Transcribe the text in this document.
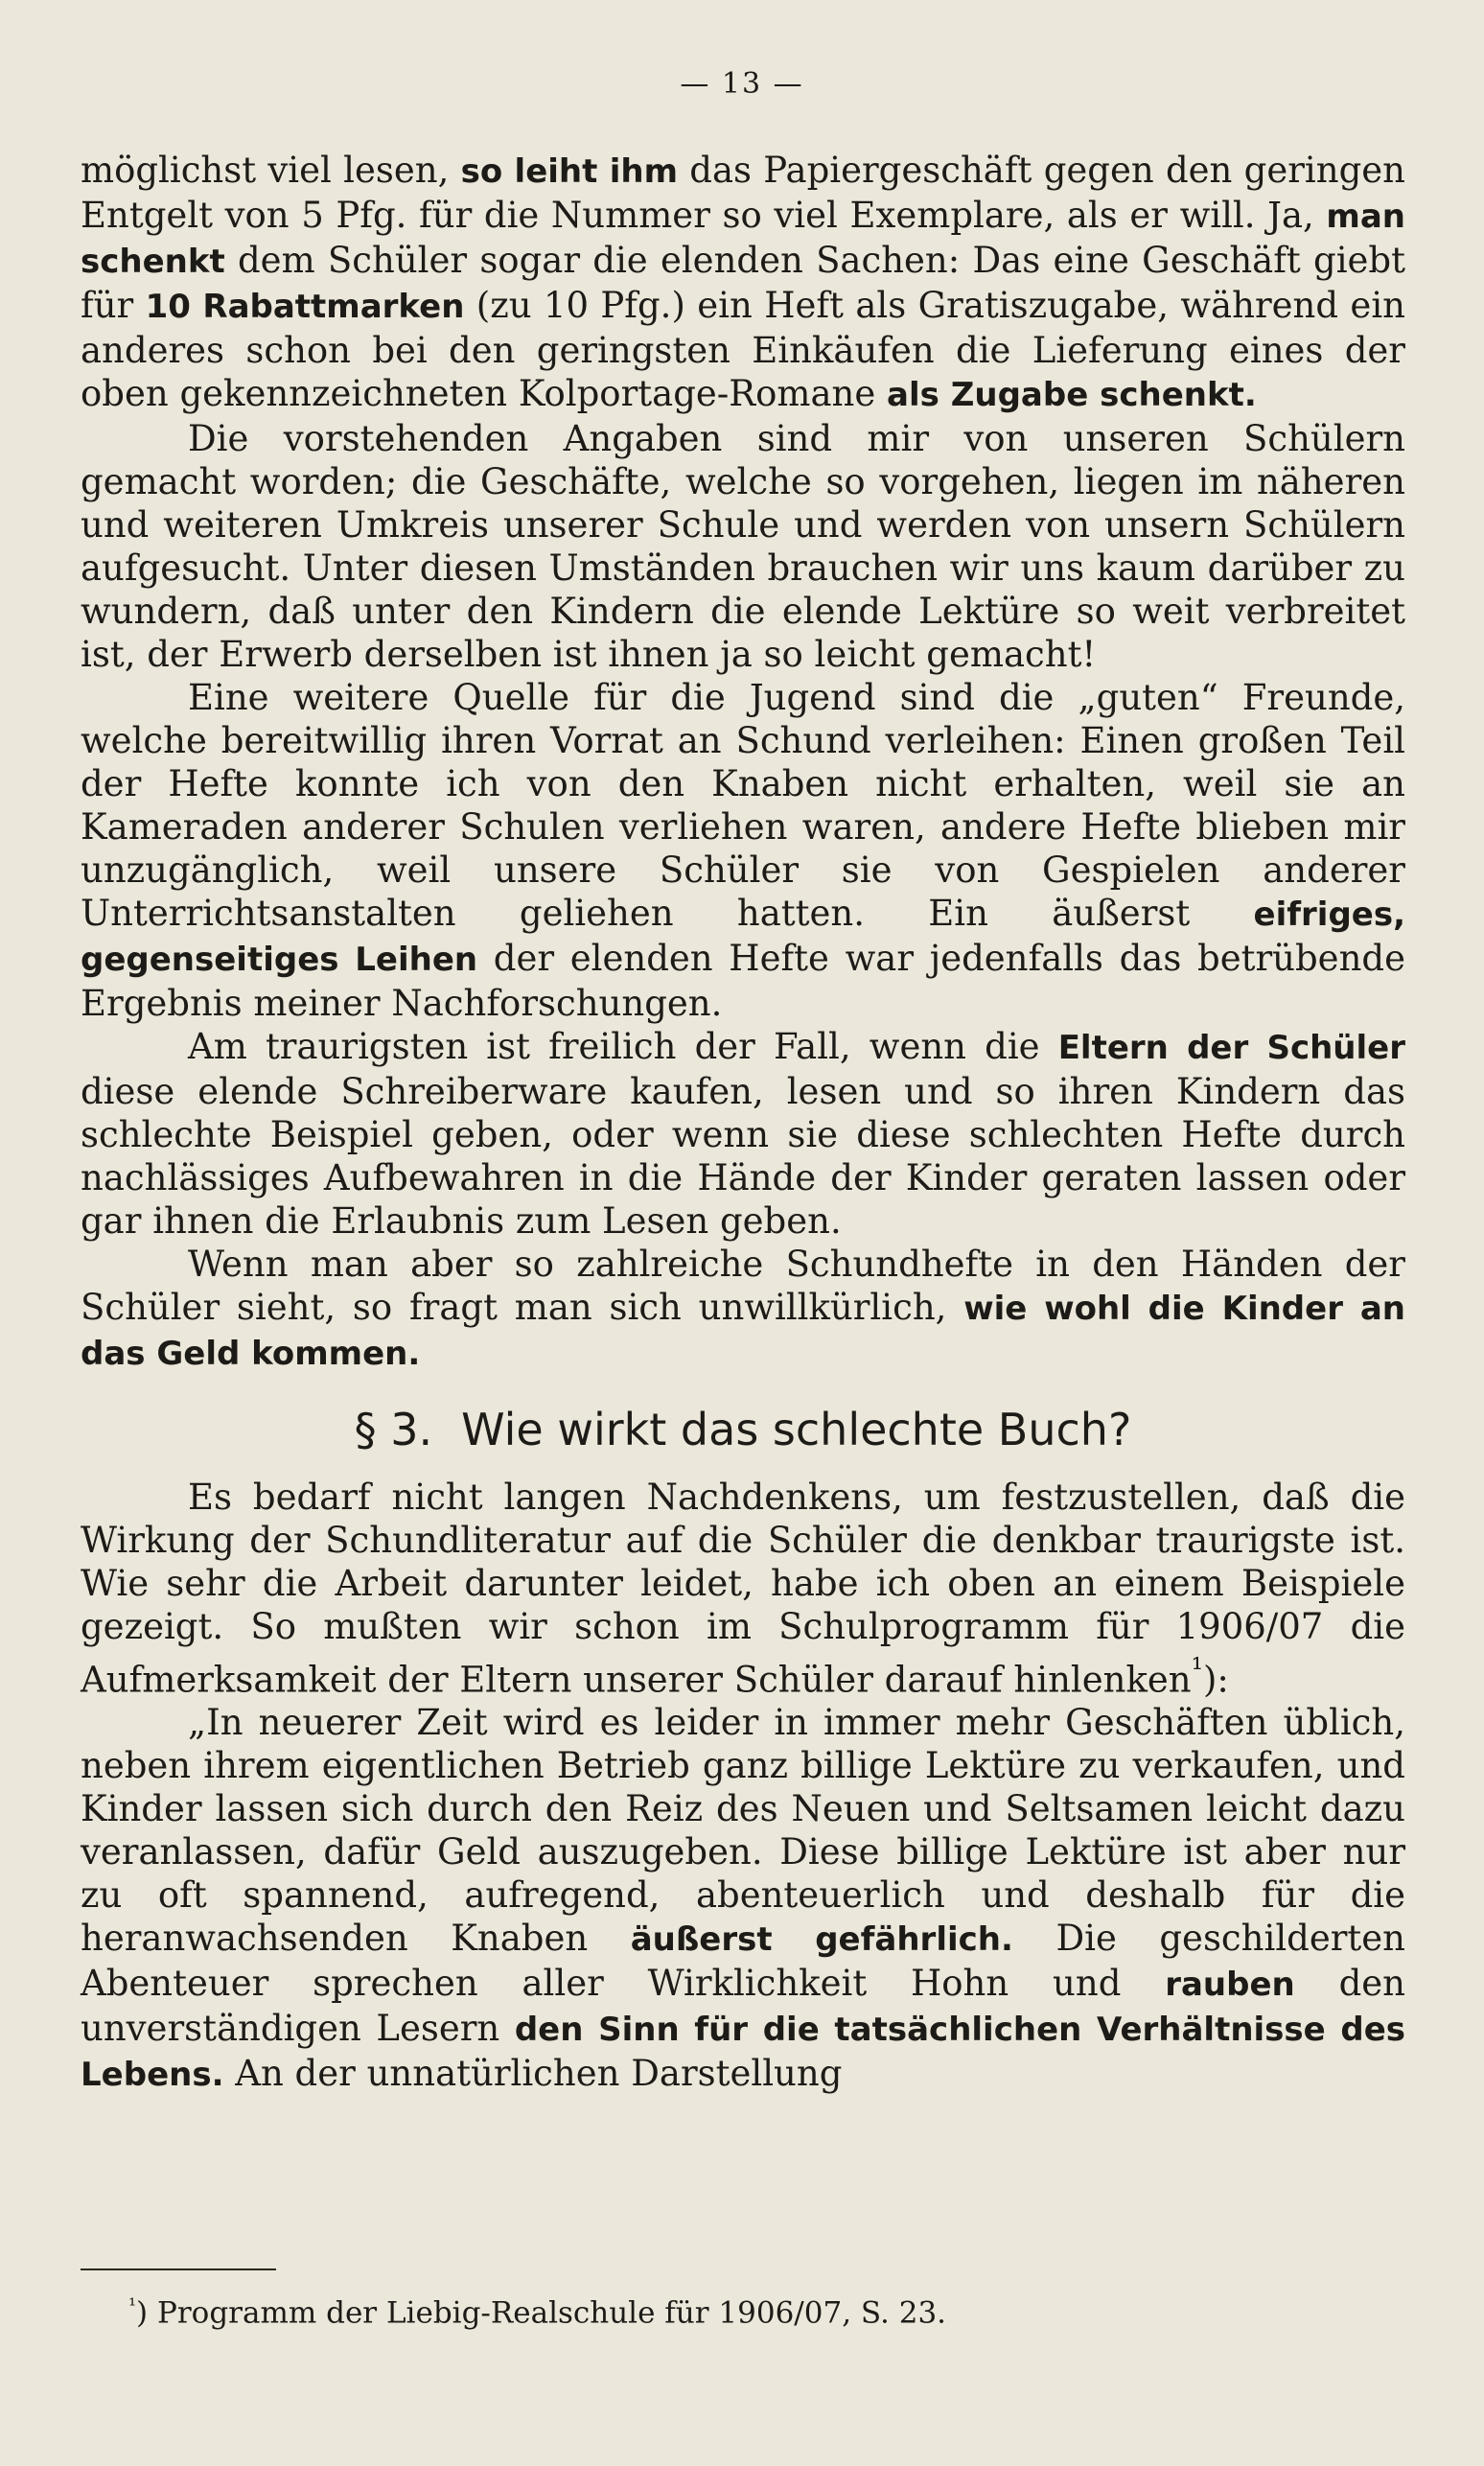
— 13 —

möglichst viel lesen, so leiht ihm das Papiergeschäft gegen den geringen Entgelt von 5 Pfg. für die Nummer so viel Exemplare, als er will. Ja, man schenkt dem Schüler sogar die elenden Sachen: Das eine Geschäft giebt für 10 Rabattmarken (zu 10 Pfg.) ein Heft als Gratiszugabe, während ein anderes schon bei den geringsten Einkäufen die Lieferung eines der oben gekennzeichneten Kolportage-Romane als Zugabe schenkt.

Die vorstehenden Angaben sind mir von unseren Schülern gemacht worden; die Geschäfte, welche so vorgehen, liegen im näheren und weiteren Umkreis unserer Schule und werden von unsern Schülern aufgesucht. Unter diesen Umständen brauchen wir uns kaum darüber zu wundern, daß unter den Kindern die elende Lektüre so weit verbreitet ist, der Erwerb derselben ist ihnen ja so leicht gemacht!

Eine weitere Quelle für die Jugend sind die „guten“ Freunde, welche bereitwillig ihren Vorrat an Schund verleihen: Einen großen Teil der Hefte konnte ich von den Knaben nicht erhalten, weil sie an Kameraden anderer Schulen verliehen waren, andere Hefte blieben mir unzugänglich, weil unsere Schüler sie von Gespielen anderer Unterrichtsanstalten geliehen hatten. Ein äußerst eifriges, gegenseitiges Leihen der elenden Hefte war jedenfalls das betrübende Ergebnis meiner Nachforschungen.

Am traurigsten ist freilich der Fall, wenn die Eltern der Schüler diese elende Schreiberware kaufen, lesen und so ihren Kindern das schlechte Beispiel geben, oder wenn sie diese schlechten Hefte durch nachlässiges Aufbewahren in die Hände der Kinder geraten lassen oder gar ihnen die Erlaubnis zum Lesen geben.

Wenn man aber so zahlreiche Schundhefte in den Händen der Schüler sieht, so fragt man sich unwillkürlich, wie wohl die Kinder an das Geld kommen.

§ 3. Wie wirkt das schlechte Buch?

Es bedarf nicht langen Nachdenkens, um festzustellen, daß die Wirkung der Schundliteratur auf die Schüler die denkbar traurigste ist. Wie sehr die Arbeit darunter leidet, habe ich oben an einem Beispiele gezeigt. So mußten wir schon im Schulprogramm für 1906/07 die Aufmerksamkeit der Eltern unserer Schüler darauf hinlenken$^{^1}$):

„In neuerer Zeit wird es leider in immer mehr Geschäften üblich, neben ihrem eigentlichen Betrieb ganz billige Lektüre zu verkaufen, und Kinder lassen sich durch den Reiz des Neuen und Seltsamen leicht dazu veranlassen, dafür Geld auszugeben. Diese billige Lektüre ist aber nur zu oft spannend, aufregend, abenteuerlich und deshalb für die heranwachsenden Knaben äußerst gefährlich. Die geschilderten Abenteuer sprechen aller Wirklichkeit Hohn und rauben den unverständigen Lesern den Sinn für die tatsächlichen Verhältnisse des Lebens. An der unnatürlichen Darstellung

$^{^1}$) Programm der Liebig-Realschule für 1906/07, S. 23.
